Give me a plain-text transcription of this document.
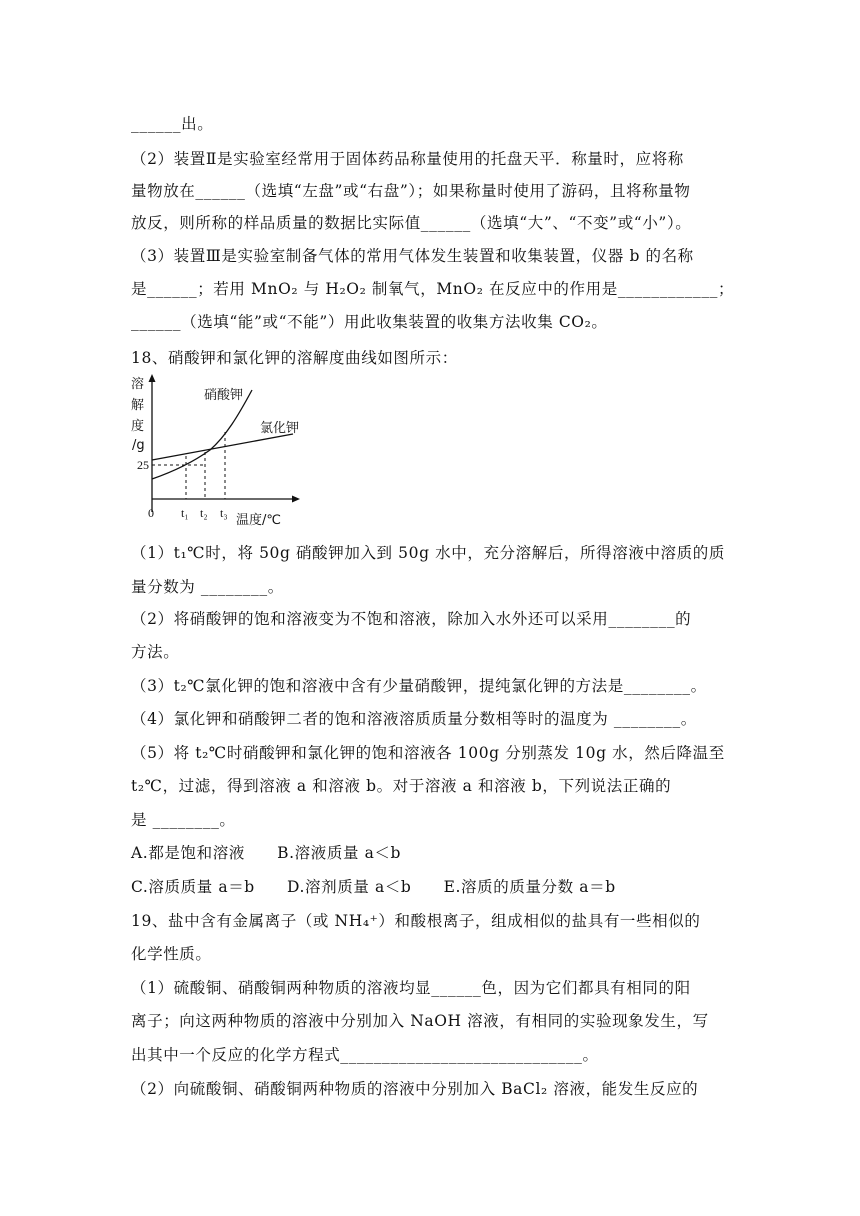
______出。
（2）装置Ⅱ是实验室经常用于固体药品称量使用的托盘天平．称量时，应将称
量物放在______（选填“左盘”或“右盘”）；如果称量时使用了游码，且将称量物
放反，则所称的样品质量的数据比实际值______（选填“大”、“不变”或“小”）。
（3）装置Ⅲ是实验室制备气体的常用气体发生装置和收集装置，仪器 b 的名称
是______；若用 MnO₂ 与 H₂O₂ 制氧气，MnO₂ 在反应中的作用是____________；
______（选填“能”或“不能”）用此收集装置的收集方法收集 CO₂。
18、硝酸钾和氯化钾的溶解度曲线如图所示：
溶
解
度
/g
25
硝酸钾
氯化钾
0 t₁ t₂ t₃ 温度/℃
（1）t₁℃时，将 50g 硝酸钾加入到 50g 水中，充分溶解后，所得溶液中溶质的质
量分数为 ________。
（2）将硝酸钾的饱和溶液变为不饱和溶液，除加入水外还可以采用________的
方法。
（3）t₂℃氯化钾的饱和溶液中含有少量硝酸钾，提纯氯化钾的方法是________。
（4）氯化钾和硝酸钾二者的饱和溶液溶质质量分数相等时的温度为 ________。
（5）将 t₂℃时硝酸钾和氯化钾的饱和溶液各 100g 分别蒸发 10g 水，然后降温至
t₂℃，过滤，得到溶液 a 和溶液 b。对于溶液 a 和溶液 b，下列说法正确的
是 ________。
A.都是饱和溶液　　B.溶液质量 a＜b
C.溶质质量 a＝b　　D.溶剂质量 a＜b　　E.溶质的质量分数 a＝b
19、盐中含有金属离子（或 NH₄⁺）和酸根离子，组成相似的盐具有一些相似的
化学性质。
（1）硫酸铜、硝酸铜两种物质的溶液均显______色，因为它们都具有相同的阳
离子；向这两种物质的溶液中分别加入 NaOH 溶液，有相同的实验现象发生，写
出其中一个反应的化学方程式_____________________________。
（2）向硫酸铜、硝酸铜两种物质的溶液中分别加入 BaCl₂ 溶液，能发生反应的
